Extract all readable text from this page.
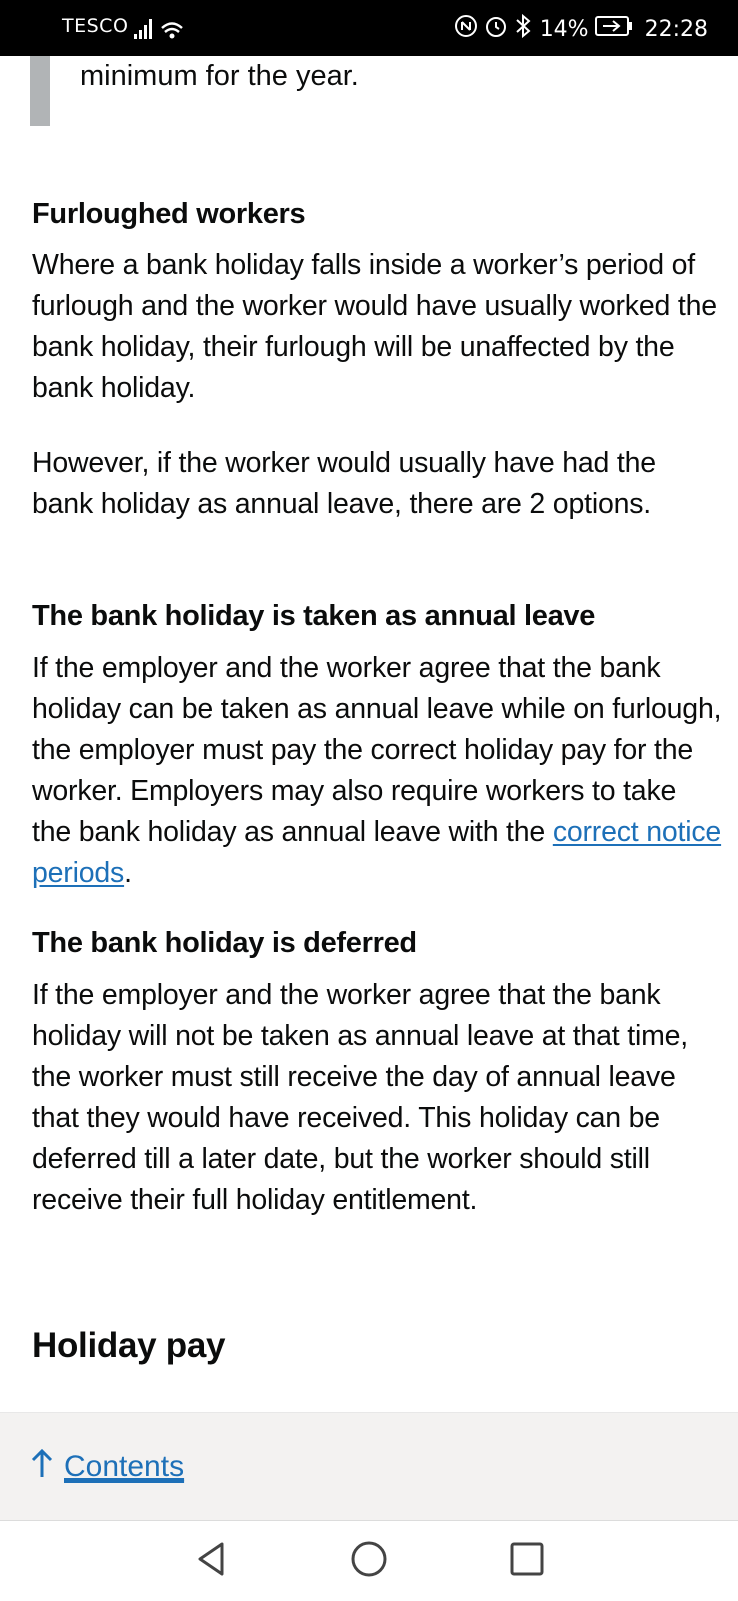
TESCO	14%	22:28
minimum for the year.
Furloughed workers

Where a bank holiday falls inside a worker’s period of furlough and the worker would have usually worked the bank holiday, their furlough will be unaffected by the bank holiday.

However, if the worker would usually have had the bank holiday as annual leave, there are 2 options.

The bank holiday is taken as annual leave

If the employer and the worker agree that the bank holiday can be taken as annual leave while on furlough, the employer must pay the correct holiday pay for the worker. Employers may also require workers to take the bank holiday as annual leave with the correct notice periods.

The bank holiday is deferred

If the employer and the worker agree that the bank holiday will not be taken as annual leave at that time, the worker must still receive the day of annual leave that they would have received. This holiday can be deferred till a later date, but the worker should still receive their full holiday entitlement.

Holiday pay
Contents
